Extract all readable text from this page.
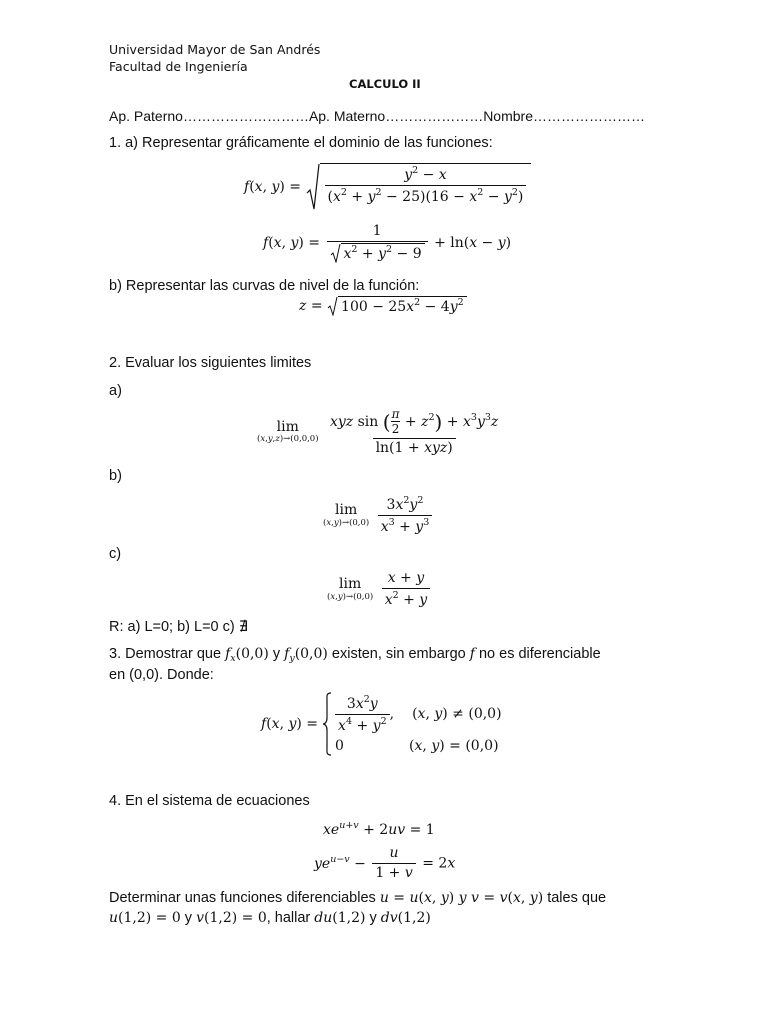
Universidad Mayor de San Andrés
Facultad de Ingeniería
CALCULO II
Ap. Paterno………………………Ap. Materno…………………Nombre……………………
1. a) Representar gráficamente el dominio de las funciones:
f(x, $y) = \frac{y^2 - x}{(x^2 + y^2 - 25)(16 - x^2 - y^2)}$
f(x, $y) = \frac{1}{x^2 + y^2 - 9} + \ln(x - y)$
b) Representar las curvas de nivel de la función:
$z = 100 - 25x^2 - 4y^2$
2. Evaluar los siguientes limites
a)
lim
(x,y,z)→(0,0,0)
$\frac{xyz \sin ( \frac{\pi}{2} + z^2) + x^3y^3z}{\text{ln(1 + xyz)}}$
b)
lim
(x,y)→(0,0)
$\frac{3x^2y^2}{x^3 + y^3}$
c)
lim
(x,y)→(0,0)
$\frac{x + y}{x^2 + y}$
R: a) L=0; b) L=0 c) ∄
3. Demostrar que $f_x(0,0)$ y $f_y(0,0)$ existen, sin embargo f no es diferenciable
en (0,0). Donde:
f(x, $y) = \frac{3x^2y}{x^4 + y^2}$ , (x, y) ≠ (0,0)
0	(x, y) = (0,0)
4. En el sistema de ecuaciones
$xe^{u+v} + 2uv = 1$
$ye^{u-v} - \frac{u}{1 + v} = 2x$
Determinar unas funciones diferenciables u = u(x, y) y v = v(x, y) tales que
u(1,2) = 0 y v(1,2) = 0, hallar du(1,2) y dv(1,2)
